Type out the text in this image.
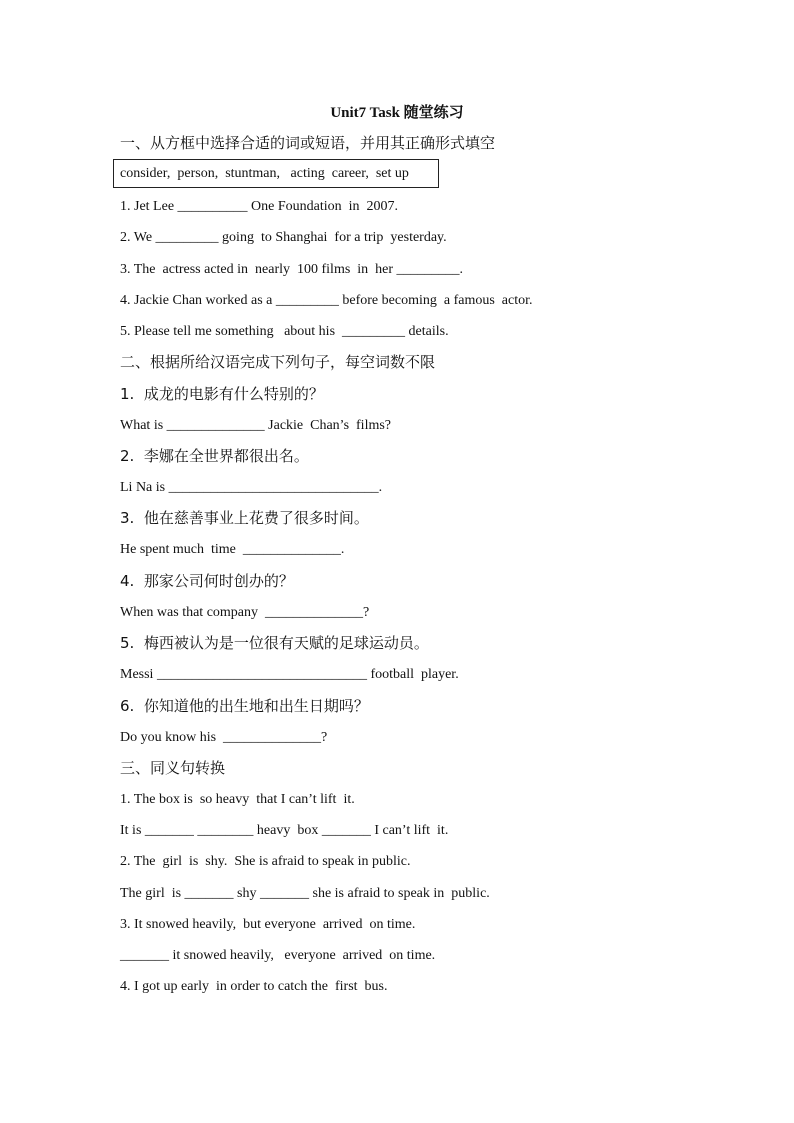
Unit7 Task 随堂练习
一、从方框中选择合适的词或短语，并用其正确形式填空
consider,  person,  stuntman,   acting  career,  set up
1. Jet Lee __________ One Foundation  in  2007.
2. We _________ going  to Shanghai  for a trip  yesterday.
3. The  actress acted in  nearly  100 films  in  her _________.
4. Jackie Chan worked as a _________ before becoming  a famous  actor.
5. Please tell me something   about his  _________ details.
二、根据所给汉语完成下列句子，每空词数不限
1.  成龙的电影有什么特别的？
What is ______________ Jackie  Chan’s  films?
2.  李娜在全世界都很出名。
Li Na is ______________________________.
3.  他在慈善事业上花费了很多时间。
He spent much  time  ______________.
4.  那家公司何时创办的？
When was that company  ______________?
5.  梅西被认为是一位很有天赋的足球运动员。
Messi ______________________________ football  player.
6.  你知道他的出生地和出生日期吗？
Do you know his  ______________?
三、同义句转换
1. The box is  so heavy  that I can’t lift  it.
It is _______ ________ heavy  box _______ I can’t lift  it.
2. The  girl  is  shy.  She is afraid to speak in public.
The girl  is _______ shy _______ she is afraid to speak in  public.
3. It snowed heavily,  but everyone  arrived  on time.
_______ it snowed heavily,   everyone  arrived  on time.
4. I got up early  in order to catch the  first  bus.
